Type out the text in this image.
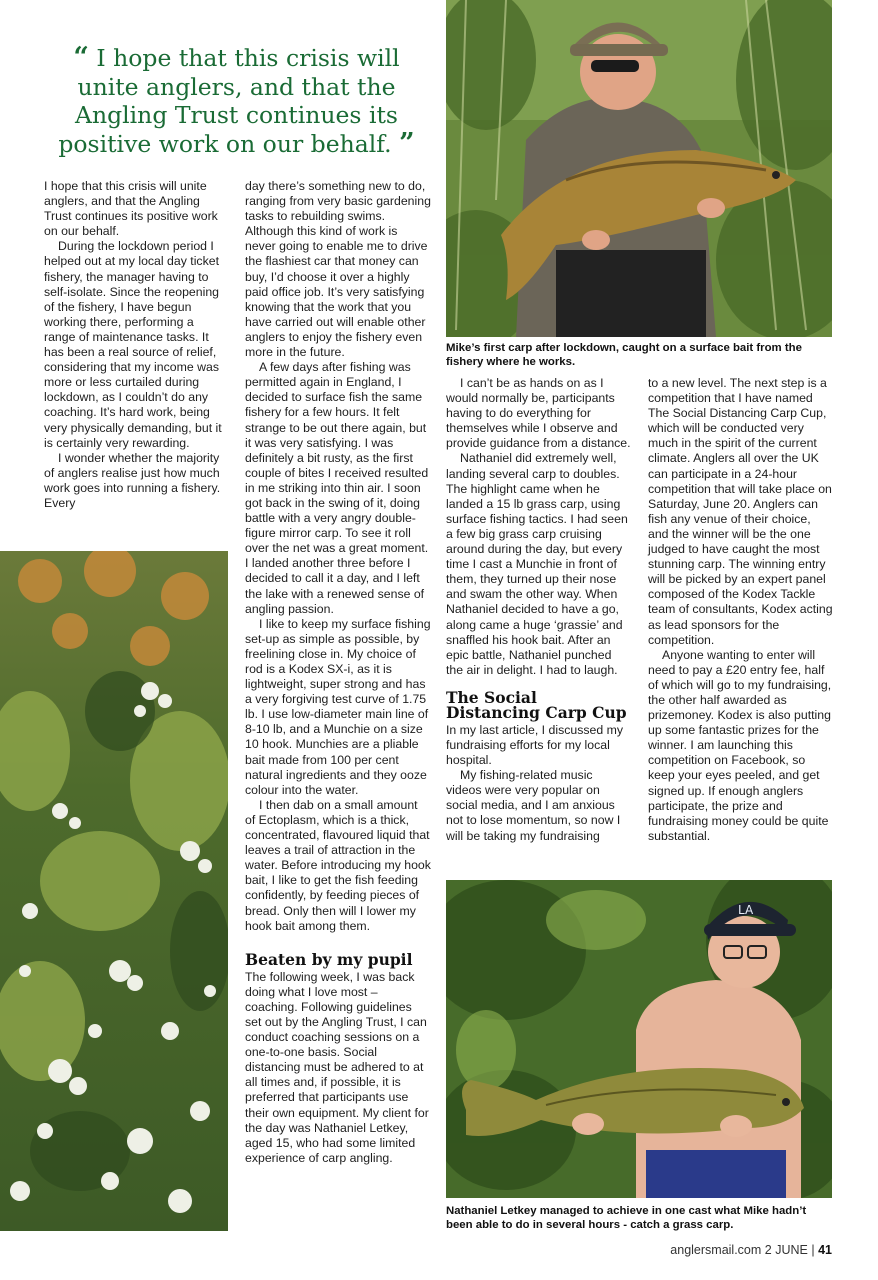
“ I hope that this crisis will unite anglers, and that the Angling Trust continues its positive work on our behalf. ”

I hope that this crisis will unite anglers, and that the Angling Trust continues its positive work on our behalf.

During the lockdown period I helped out at my local day ticket fishery, the manager having to self-isolate. Since the reopening of the fishery, I have begun working there, performing a range of maintenance tasks. It has been a real source of relief, considering that my income was more or less curtailed during lockdown, as I couldn’t do any coaching. It’s hard work, being very physically demanding, but it is certainly very rewarding.

I wonder whether the majority of anglers realise just how much work goes into running a fishery. Every

day there’s something new to do, ranging from very basic gardening tasks to rebuilding swims. Although this kind of work is never going to enable me to drive the flashiest car that money can buy, I’d choose it over a highly paid office job. It’s very satisfying knowing that the work that you have carried out will enable other anglers to enjoy the fishery even more in the future.

A few days after fishing was permitted again in England, I decided to surface fish the same fishery for a few hours. It felt strange to be out there again, but it was very satisfying. I was definitely a bit rusty, as the first couple of bites I received resulted in me striking into thin air. I soon got back in the swing of it, doing battle with a very angry double-figure mirror carp. To see it roll over the net was a great moment. I landed another three before I decided to call it a day, and I left the lake with a renewed sense of angling passion.

I like to keep my surface fishing set-up as simple as possible, by freelining close in. My choice of rod is a Kodex SX-i, as it is lightweight, super strong and has a very forgiving test curve of 1.75 lb. I use low-diameter main line of 8-10 lb, and a Munchie on a size 10 hook. Munchies are a pliable bait made from 100 per cent natural ingredients and they ooze colour into the water.

I then dab on a small amount of Ectoplasm, which is a thick, concentrated, flavoured liquid that leaves a trail of attraction in the water. Before introducing my hook bait, I like to get the fish feeding confidently, by feeding pieces of bread. Only then will I lower my hook bait among them.

Beaten by my pupil

The following week, I was back doing what I love most – coaching. Following guidelines set out by the Angling Trust, I can conduct coaching sessions on a one-to-one basis. Social distancing must be adhered to at all times and, if possible, it is preferred that participants use their own equipment. My client for the day was Nathaniel Letkey, aged 15, who had some limited experience of carp angling.

Mike’s first carp after lockdown, caught on a surface bait from the fishery where he works.

I can’t be as hands on as I would normally be, participants having to do everything for themselves while I observe and provide guidance from a distance.

Nathaniel did extremely well, landing several carp to doubles. The highlight came when he landed a 15 lb grass carp, using surface fishing tactics. I had seen a few big grass carp cruising around during the day, but every time I cast a Munchie in front of them, they turned up their nose and swam the other way. When Nathaniel decided to have a go, along came a huge ‘grassie’ and snaffled his hook bait. After an epic battle, Nathaniel punched the air in delight. I had to laugh.

The Social Distancing Carp Cup

In my last article, I discussed my fundraising efforts for my local hospital.

My fishing-related music videos were very popular on social media, and I am anxious not to lose momentum, so now I will be taking my fundraising

to a new level. The next step is a competition that I have named The Social Distancing Carp Cup, which will be conducted very much in the spirit of the current climate. Anglers all over the UK can participate in a 24-hour competition that will take place on Saturday, June 20. Anglers can fish any venue of their choice, and the winner will be the one judged to have caught the most stunning carp. The winning entry will be picked by an expert panel composed of the Kodex Tackle team of consultants, Kodex acting as lead sponsors for the competition.

Anyone wanting to enter will need to pay a £20 entry fee, half of which will go to my fundraising, the other half awarded as prizemoney. Kodex is also putting up some fantastic prizes for the winner. I am launching this competition on Facebook, so keep your eyes peeled, and get signed up. If enough anglers participate, the prize and fundraising money could be quite substantial.

LA
Nathaniel Letkey managed to achieve in one cast what Mike hadn’t been able to do in several hours - catch a grass carp.
anglersmail.com 2 JUNE | 41
